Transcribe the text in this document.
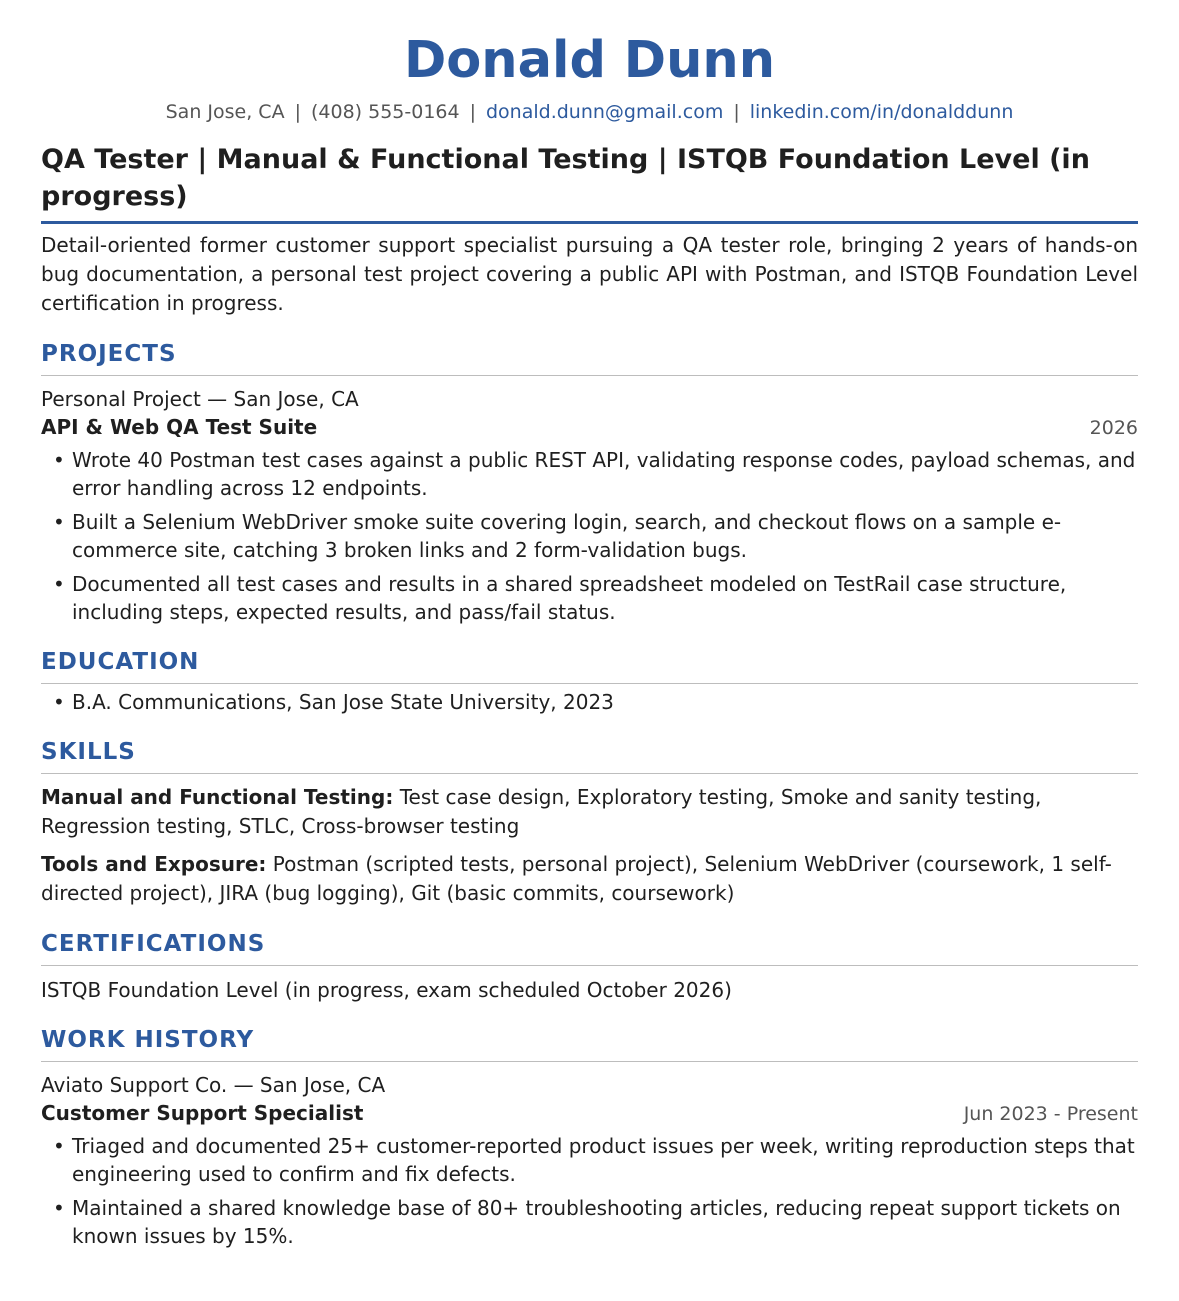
Donald Dunn
San Jose, CA | (408) 555-0164 | donald.dunn@gmail.com | linkedin.com/in/donalddunn
QA Tester | Manual & Functional Testing | ISTQB Foundation Level (in progress)
Detail-oriented former customer support specialist pursuing a QA tester role, bringing 2 years of hands-on bug documentation, a personal test project covering a public API with Postman, and ISTQB Foundation Level certification in progress.
PROJECTS
Personal Project — San Jose, CA
API & Web QA Test Suite	2026
• Wrote 40 Postman test cases against a public REST API, validating response codes, payload schemas, and error handling across 12 endpoints.
• Built a Selenium WebDriver smoke suite covering login, search, and checkout flows on a sample e-commerce site, catching 3 broken links and 2 form-validation bugs.
• Documented all test cases and results in a shared spreadsheet modeled on TestRail case structure, including steps, expected results, and pass/fail status.
EDUCATION
• B.A. Communications, San Jose State University, 2023
SKILLS
Manual and Functional Testing: Test case design, Exploratory testing, Smoke and sanity testing, Regression testing, STLC, Cross-browser testing
Tools and Exposure: Postman (scripted tests, personal project), Selenium WebDriver (coursework, 1 self-directed project), JIRA (bug logging), Git (basic commits, coursework)
CERTIFICATIONS
ISTQB Foundation Level (in progress, exam scheduled October 2026)
WORK HISTORY
Aviato Support Co. — San Jose, CA
Customer Support Specialist	Jun 2023 - Present
• Triaged and documented 25+ customer-reported product issues per week, writing reproduction steps that engineering used to confirm and fix defects.
• Maintained a shared knowledge base of 80+ troubleshooting articles, reducing repeat support tickets on known issues by 15%.
